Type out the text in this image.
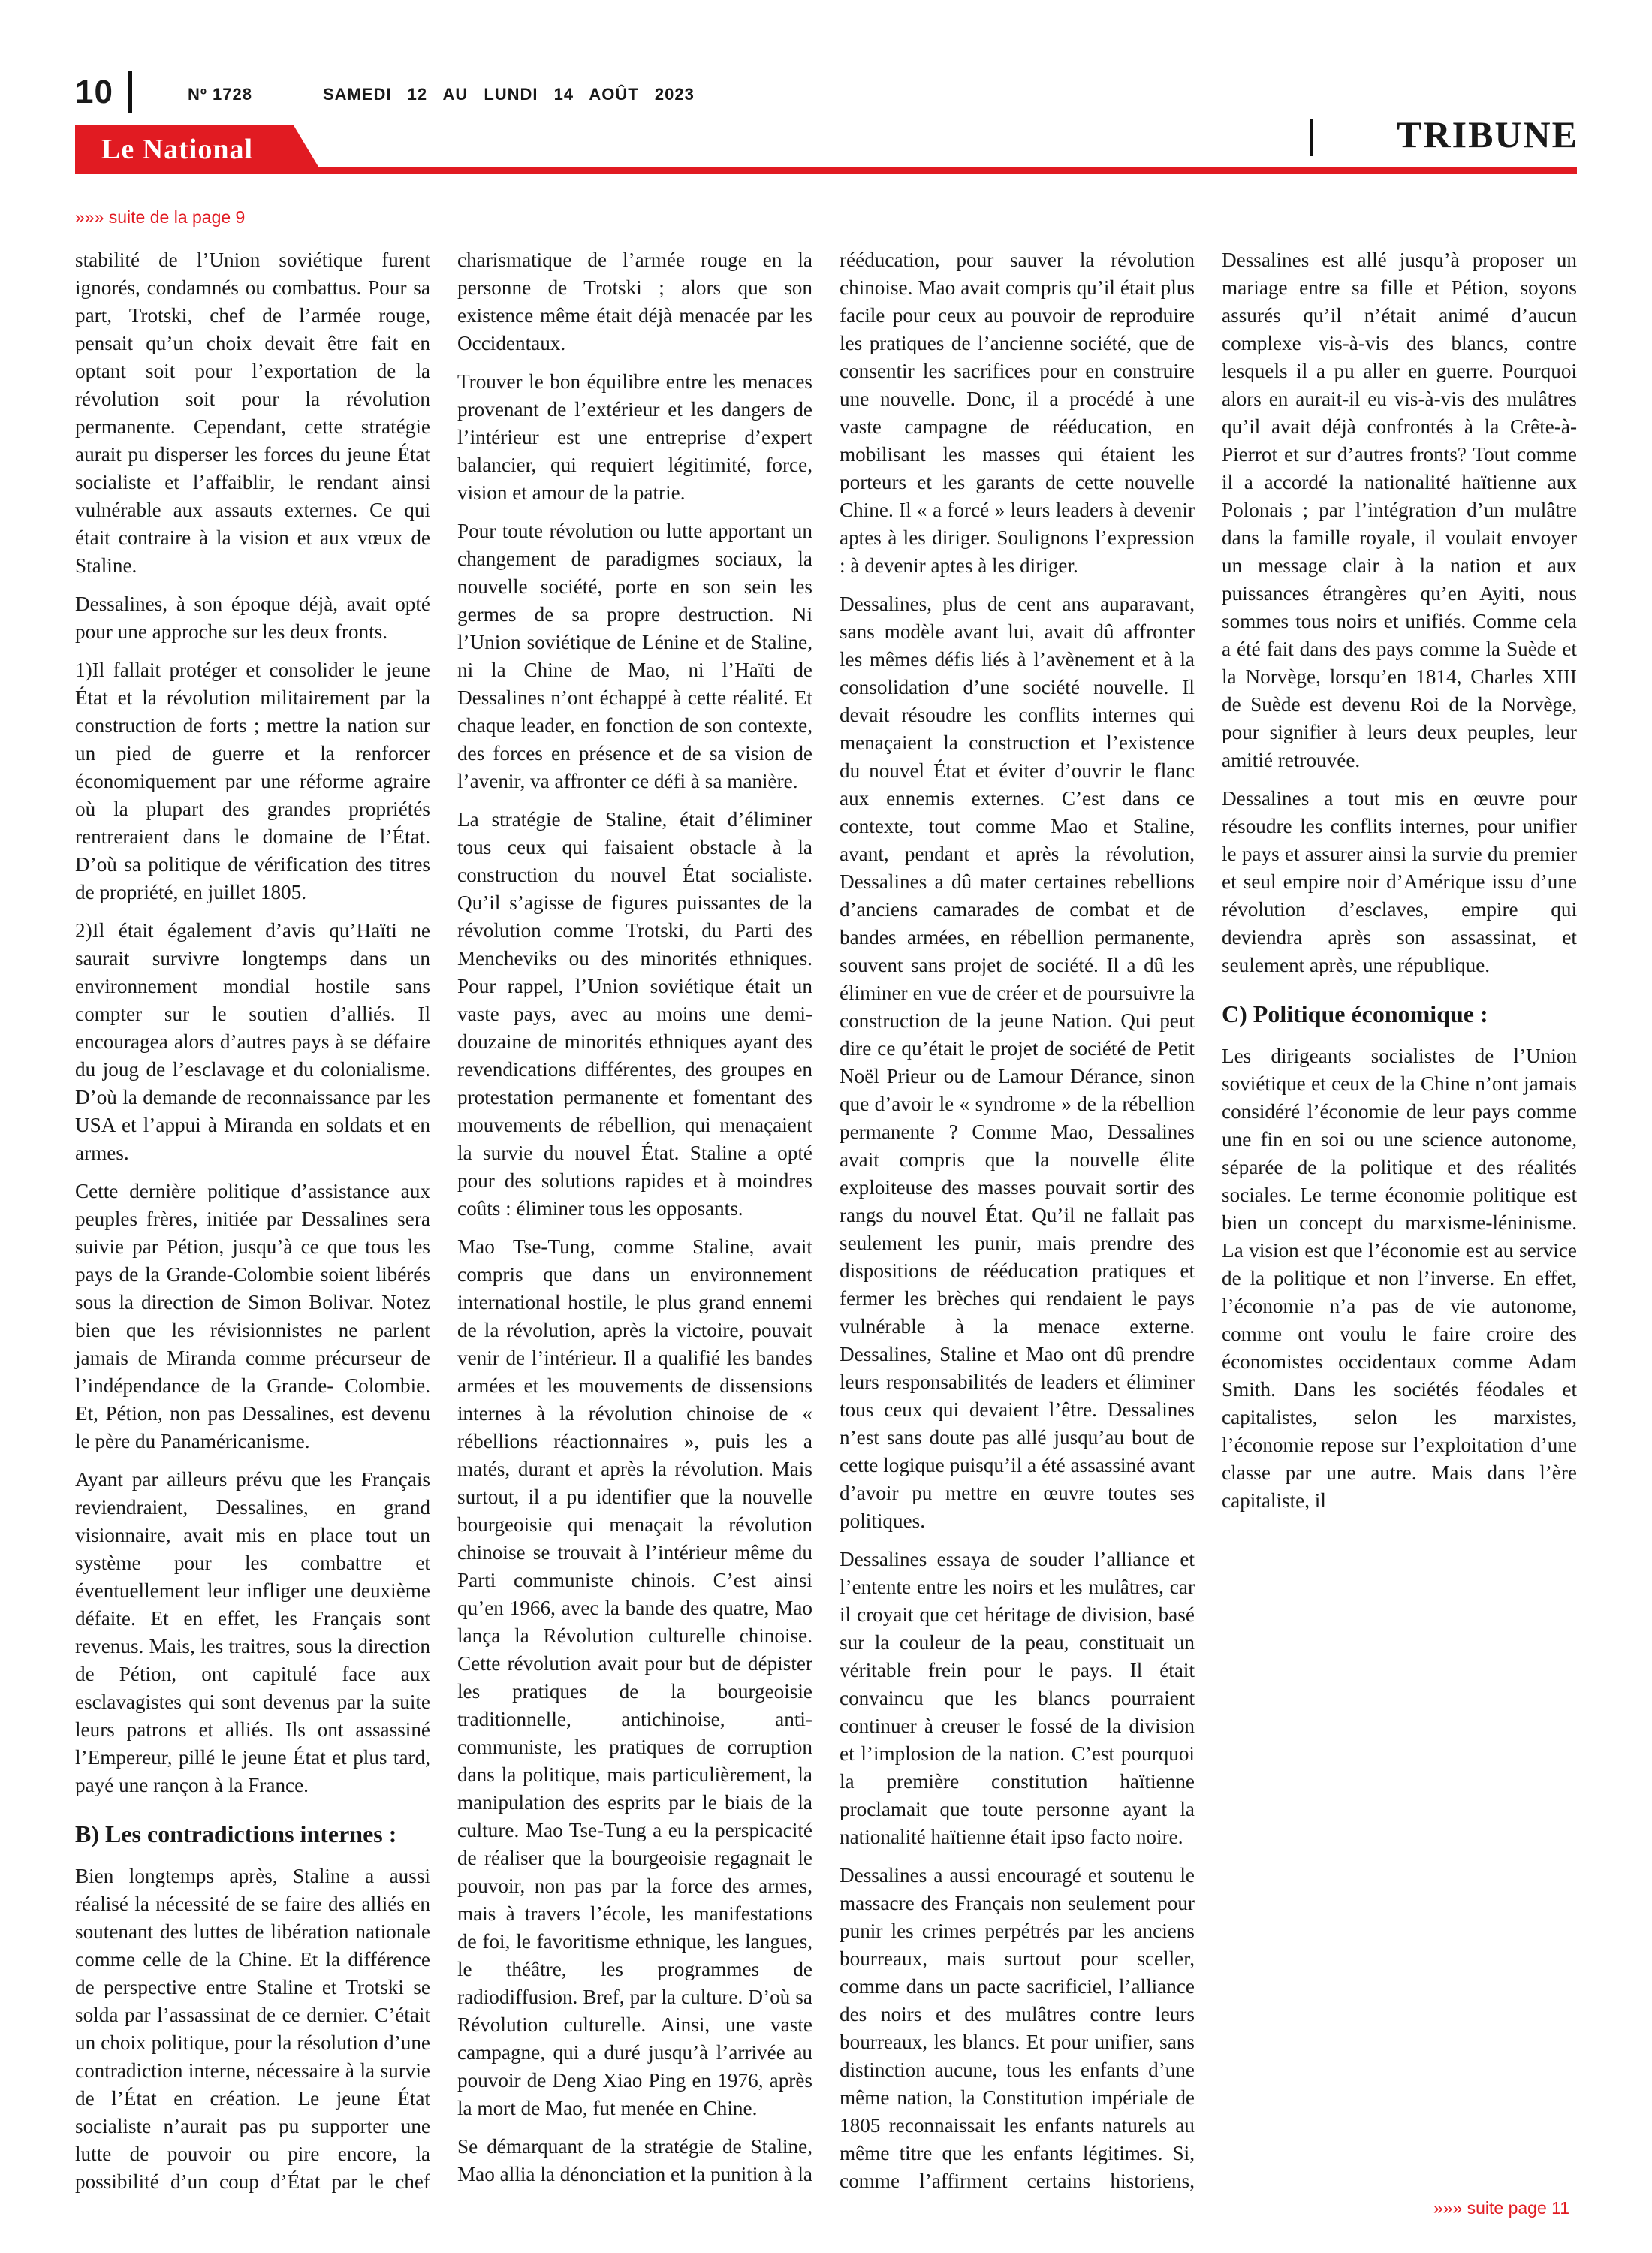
10	Nº 1728	SAMEDI 12 AU LUNDI 14 AOÛT 2023
TRIBUNE
Le National
»»» suite de la page 9

stabilité de l’Union soviétique furent ignorés, condamnés ou combattus. Pour sa part, Trotski, chef de l’armée rouge, pensait qu’un choix devait être fait en optant soit pour l’exportation de la révolution soit pour la révolution permanente. Cependant, cette stratégie aurait pu disperser les forces du jeune État socialiste et l’affaiblir, le rendant ainsi vulnérable aux assauts externes. Ce qui était contraire à la vision et aux vœux de Staline.

Dessalines, à son époque déjà, avait opté pour une approche sur les deux fronts.

1)Il fallait protéger et consolider le jeune État et la révolution militairement par la construction de forts ; mettre la nation sur un pied de guerre et la renforcer économiquement par une réforme agraire où la plupart des grandes propriétés rentreraient dans le domaine de l’État. D’où sa politique de vérification des titres de propriété, en juillet 1805.

2)Il était également d’avis qu’Haïti ne saurait survivre longtemps dans un environnement mondial hostile sans compter sur le soutien d’alliés. Il encouragea alors d’autres pays à se défaire du joug de l’esclavage et du colonialisme. D’où la demande de reconnaissance par les USA et l’appui à Miranda en soldats et en armes.

Cette dernière politique d’assistance aux peuples frères, initiée par Dessalines sera suivie par Pétion, jusqu’à ce que tous les pays de la Grande-Colombie soient libérés sous la direction de Simon Bolivar. Notez bien que les révisionnistes ne parlent jamais de Miranda comme précurseur de l’indépendance de la Grande- Colombie. Et, Pétion, non pas Dessalines, est devenu le père du Panaméricanisme.

Ayant par ailleurs prévu que les Français reviendraient, Dessalines, en grand visionnaire, avait mis en place tout un système pour les combattre et éventuellement leur infliger une deuxième défaite. Et en effet, les Français sont revenus. Mais, les traitres, sous la direction de Pétion, ont capitulé face aux esclavagistes qui sont devenus par la suite leurs patrons et alliés. Ils ont assassiné l’Empereur, pillé le jeune État et plus tard, payé une rançon à la France.

B) Les contradictions internes :

Bien longtemps après, Staline a aussi réalisé la nécessité de se faire des alliés en soutenant des luttes de libération nationale comme celle de la Chine. Et la différence de perspective entre Staline et Trotski se solda par l’assassinat de ce dernier. C’était un choix politique, pour la résolution d’une contradiction interne, nécessaire à la survie de l’État en création. Le jeune État socialiste n’aurait pas pu supporter une lutte de pouvoir ou pire encore, la possibilité d’un coup d’État par le chef charismatique de l’armée rouge en la personne de Trotski ; alors que son existence même était déjà menacée par les Occidentaux.

Trouver le bon équilibre entre les menaces provenant de l’extérieur et les dangers de l’intérieur est une entreprise d’expert balancier, qui requiert légitimité, force, vision et amour de la patrie.

Pour toute révolution ou lutte apportant un changement de paradigmes sociaux, la nouvelle société, porte en son sein les germes de sa propre destruction. Ni l’Union soviétique de Lénine et de Staline, ni la Chine de Mao, ni l’Haïti de Dessalines n’ont échappé à cette réalité. Et chaque leader, en fonction de son contexte, des forces en présence et de sa vision de l’avenir, va affronter ce défi à sa manière.

La stratégie de Staline, était d’éliminer tous ceux qui faisaient obstacle à la construction du nouvel État socialiste. Qu’il s’agisse de figures puissantes de la révolution comme Trotski, du Parti des Mencheviks ou des minorités ethniques. Pour rappel, l’Union soviétique était un vaste pays, avec au moins une demi-douzaine de minorités ethniques ayant des revendications différentes, des groupes en protestation permanente et fomentant des mouvements de rébellion, qui menaçaient la survie du nouvel État. Staline a opté pour des solutions rapides et à moindres coûts : éliminer tous les opposants.

Mao Tse-Tung, comme Staline, avait compris que dans un environnement international hostile, le plus grand ennemi de la révolution, après la victoire, pouvait venir de l’intérieur. Il a qualifié les bandes armées et les mouvements de dissensions internes à la révolution chinoise de « rébellions réactionnaires », puis les a matés, durant et après la révolution. Mais surtout, il a pu identifier que la nouvelle bourgeoisie qui menaçait la révolution chinoise se trouvait à l’intérieur même du Parti communiste chinois. C’est ainsi qu’en 1966, avec la bande des quatre, Mao lança la Révolution culturelle chinoise. Cette révolution avait pour but de dépister les pratiques de la bourgeoisie traditionnelle, antichinoise, anti-communiste, les pratiques de corruption dans la politique, mais particulièrement, la manipulation des esprits par le biais de la culture. Mao Tse-Tung a eu la perspicacité de réaliser que la bourgeoisie regagnait le pouvoir, non pas par la force des armes, mais à travers l’école, les manifestations de foi, le favoritisme ethnique, les langues, le théâtre, les programmes de radiodiffusion. Bref, par la culture. D’où sa Révolution culturelle. Ainsi, une vaste campagne, qui a duré jusqu’à l’arrivée au pouvoir de Deng Xiao Ping en 1976, après la mort de Mao, fut menée en Chine.

Se démarquant de la stratégie de Staline, Mao allia la dénonciation et la punition à la rééducation, pour sauver la révolution chinoise. Mao avait compris qu’il était plus facile pour ceux au pouvoir de reproduire les pratiques de l’ancienne société, que de consentir les sacrifices pour en construire une nouvelle. Donc, il a procédé à une vaste campagne de rééducation, en mobilisant les masses qui étaient les porteurs et les garants de cette nouvelle Chine. Il « a forcé » leurs leaders à devenir aptes à les diriger. Soulignons l’expression : à devenir aptes à les diriger.

Dessalines, plus de cent ans auparavant, sans modèle avant lui, avait dû affronter les mêmes défis liés à l’avènement et à la consolidation d’une société nouvelle. Il devait résoudre les conflits internes qui menaçaient la construction et l’existence du nouvel État et éviter d’ouvrir le flanc aux ennemis externes. C’est dans ce contexte, tout comme Mao et Staline, avant, pendant et après la révolution, Dessalines a dû mater certaines rebellions d’anciens camarades de combat et de bandes armées, en rébellion permanente, souvent sans projet de société. Il a dû les éliminer en vue de créer et de poursuivre la construction de la jeune Nation. Qui peut dire ce qu’était le projet de société de Petit Noël Prieur ou de Lamour Dérance, sinon que d’avoir le « syndrome » de la rébellion permanente ? Comme Mao, Dessalines avait compris que la nouvelle élite exploiteuse des masses pouvait sortir des rangs du nouvel État. Qu’il ne fallait pas seulement les punir, mais prendre des dispositions de rééducation pratiques et fermer les brèches qui rendaient le pays vulnérable à la menace externe. Dessalines, Staline et Mao ont dû prendre leurs responsabilités de leaders et éliminer tous ceux qui devaient l’être. Dessalines n’est sans doute pas allé jusqu’au bout de cette logique puisqu’il a été assassiné avant d’avoir pu mettre en œuvre toutes ses politiques.

Dessalines essaya de souder l’alliance et l’entente entre les noirs et les mulâtres, car il croyait que cet héritage de division, basé sur la couleur de la peau, constituait un véritable frein pour le pays. Il était convaincu que les blancs pourraient continuer à creuser le fossé de la division et l’implosion de la nation. C’est pourquoi la première constitution haïtienne proclamait que toute personne ayant la nationalité haïtienne était ipso facto noire.

Dessalines a aussi encouragé et soutenu le massacre des Français non seulement pour punir les crimes perpétrés par les anciens bourreaux, mais surtout pour sceller, comme dans un pacte sacrificiel, l’alliance des noirs et des mulâtres contre leurs bourreaux, les blancs. Et pour unifier, sans distinction aucune, tous les enfants d’une même nation, la Constitution impériale de 1805 reconnaissait les enfants naturels au même titre que les enfants légitimes. Si, comme l’affirment certains historiens, Dessalines est allé jusqu’à proposer un mariage entre sa fille et Pétion, soyons assurés qu’il n’était animé d’aucun complexe vis-à-vis des blancs, contre lesquels il a pu aller en guerre. Pourquoi alors en aurait-il eu vis-à-vis des mulâtres qu’il avait déjà confrontés à la Crête-à-Pierrot et sur d’autres fronts? Tout comme il a accordé la nationalité haïtienne aux Polonais ; par l’intégration d’un mulâtre dans la famille royale, il voulait envoyer un message clair à la nation et aux puissances étrangères qu’en Ayiti, nous sommes tous noirs et unifiés. Comme cela a été fait dans des pays comme la Suède et la Norvège, lorsqu’en 1814, Charles XIII de Suède est devenu Roi de la Norvège, pour signifier à leurs deux peuples, leur amitié retrouvée.

Dessalines a tout mis en œuvre pour résoudre les conflits internes, pour unifier le pays et assurer ainsi la survie du premier et seul empire noir d’Amérique issu d’une révolution d’esclaves, empire qui deviendra après son assassinat, et seulement après, une république.

C) Politique économique :

Les dirigeants socialistes de l’Union soviétique et ceux de la Chine n’ont jamais considéré l’économie de leur pays comme une fin en soi ou une science autonome, séparée de la politique et des réalités sociales. Le terme économie politique est bien un concept du marxisme-léninisme. La vision est que l’économie est au service de la politique et non l’inverse. En effet, l’économie n’a pas de vie autonome, comme ont voulu le faire croire des économistes occidentaux comme Adam Smith. Dans les sociétés féodales et capitalistes, selon les marxistes, l’économie repose sur l’exploitation d’une classe par une autre. Mais dans l’ère capitaliste, il

»»» suite page 11
